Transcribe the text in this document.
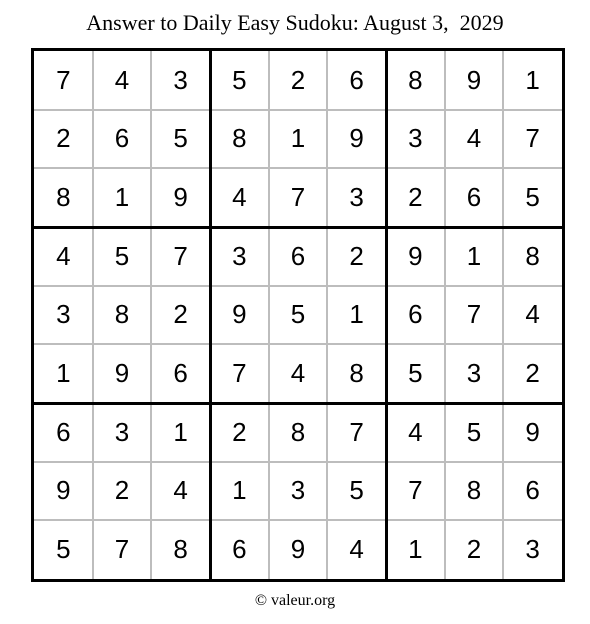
Answer to Daily Easy Sudoku: August 3,  2029
7	4	3	5	2	6	8	9	1
2	6	5	8	1	9	3	4	7
8	1	9	4	7	3	2	6	5
4	5	7	3	6	2	9	1	8
3	8	2	9	5	1	6	7	4
1	9	6	7	4	8	5	3	2
6	3	1	2	8	7	4	5	9
9	2	4	1	3	5	7	8	6
5	7	8	6	9	4	1	2	3
© valeur.org
